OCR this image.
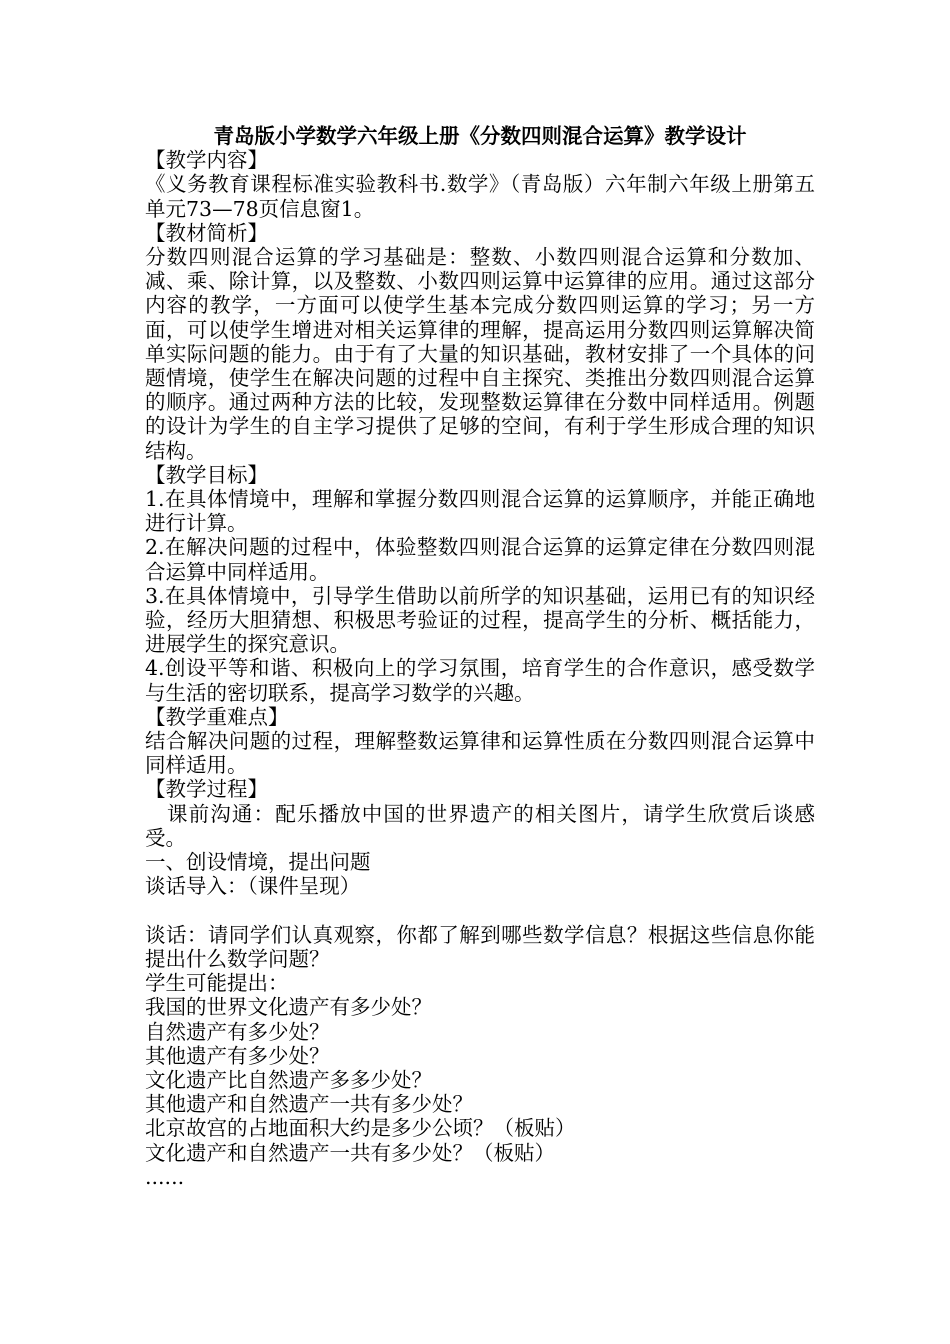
青岛版小学数学六年级上册《分数四则混合运算》教学设计

【教学内容】

《义务教育课程标准实验教科书.数学》（青岛版）六年制六年级上册第五单元73—78页信息窗1。

【教材简析】

分数四则混合运算的学习基础是：整数、小数四则混合运算和分数加、减、乘、除计算，以及整数、小数四则运算中运算律的应用。通过这部分内容的教学，一方面可以使学生基本完成分数四则运算的学习；另一方面，可以使学生增进对相关运算律的理解，提高运用分数四则运算解决简单实际问题的能力。由于有了大量的知识基础，教材安排了一个具体的问题情境，使学生在解决问题的过程中自主探究、类推出分数四则混合运算的顺序。通过两种方法的比较，发现整数运算律在分数中同样适用。例题的设计为学生的自主学习提供了足够的空间，有利于学生形成合理的知识结构。

【教学目标】

1.在具体情境中，理解和掌握分数四则混合运算的运算顺序，并能正确地进行计算。

2.在解决问题的过程中，体验整数四则混合运算的运算定律在分数四则混合运算中同样适用。

3.在具体情境中，引导学生借助以前所学的知识基础，运用已有的知识经验，经历大胆猜想、积极思考验证的过程，提高学生的分析、概括能力，进展学生的探究意识。

4.创设平等和谐、积极向上的学习氛围，培育学生的合作意识，感受数学与生活的密切联系，提高学习数学的兴趣。

【教学重难点】

结合解决问题的过程，理解整数运算律和运算性质在分数四则混合运算中同样适用。

【教学过程】

课前沟通：配乐播放中国的世界遗产的相关图片，请学生欣赏后谈感受。

一、创设情境，提出问题

谈话导入：（课件呈现）

谈话：请同学们认真观察，你都了解到哪些数学信息？根据这些信息你能提出什么数学问题？

学生可能提出：

我国的世界文化遗产有多少处？

自然遗产有多少处？

其他遗产有多少处？

文化遗产比自然遗产多多少处？

其他遗产和自然遗产一共有多少处？

北京故宫的占地面积大约是多少公顷？（板贴）

文化遗产和自然遗产一共有多少处？（板贴）

......
